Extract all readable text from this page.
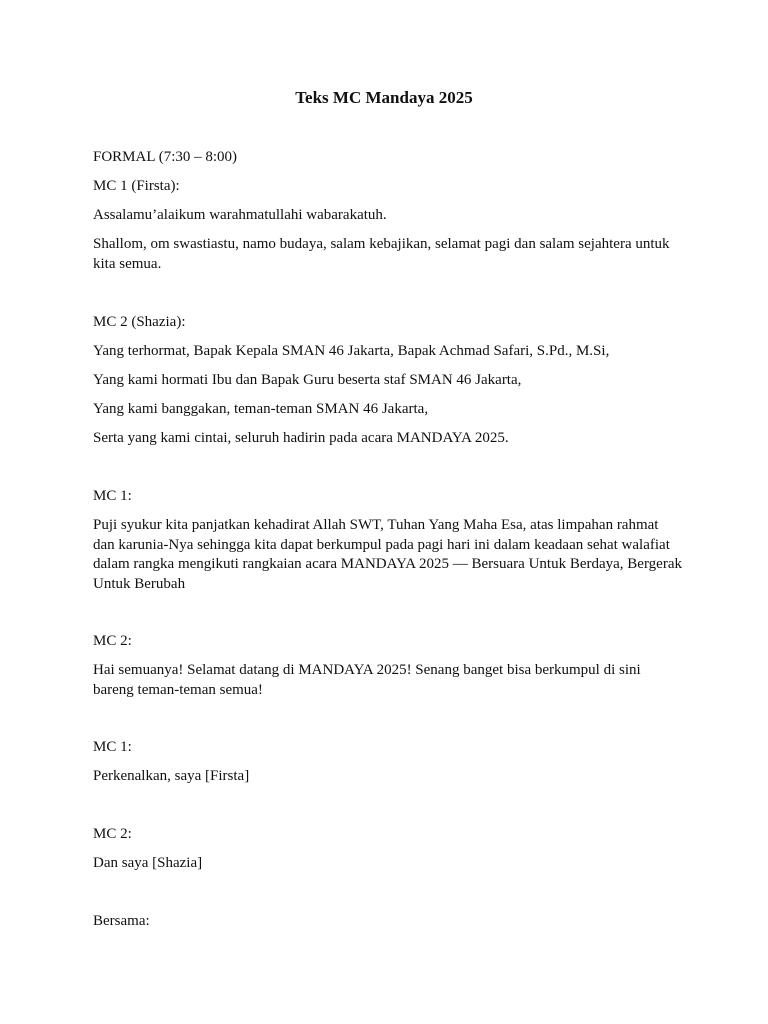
Teks MC Mandaya 2025
FORMAL (7:30 – 8:00)
MC 1 (Firsta):
Assalamu’alaikum warahmatullahi wabarakatuh.
Shallom, om swastiastu, namo budaya, salam kebajikan, selamat pagi dan salam sejahtera untuk kita semua.
MC 2 (Shazia):
Yang terhormat, Bapak Kepala SMAN 46 Jakarta, Bapak Achmad Safari, S.Pd., M.Si,
Yang kami hormati Ibu dan Bapak Guru beserta staf SMAN 46 Jakarta,
Yang kami banggakan, teman-teman SMAN 46 Jakarta,
Serta yang kami cintai, seluruh hadirin pada acara MANDAYA 2025.
MC 1:
Puji syukur kita panjatkan kehadirat Allah SWT, Tuhan Yang Maha Esa, atas limpahan rahmat dan karunia-Nya sehingga kita dapat berkumpul pada pagi hari ini dalam keadaan sehat walafiat dalam rangka mengikuti rangkaian acara MANDAYA 2025 — Bersuara Untuk Berdaya, Bergerak Untuk Berubah
MC 2:
Hai semuanya! Selamat datang di MANDAYA 2025! Senang banget bisa berkumpul di sini bareng teman-teman semua!
MC 1:
Perkenalkan, saya [Firsta]
MC 2:
Dan saya [Shazia]
Bersama:
